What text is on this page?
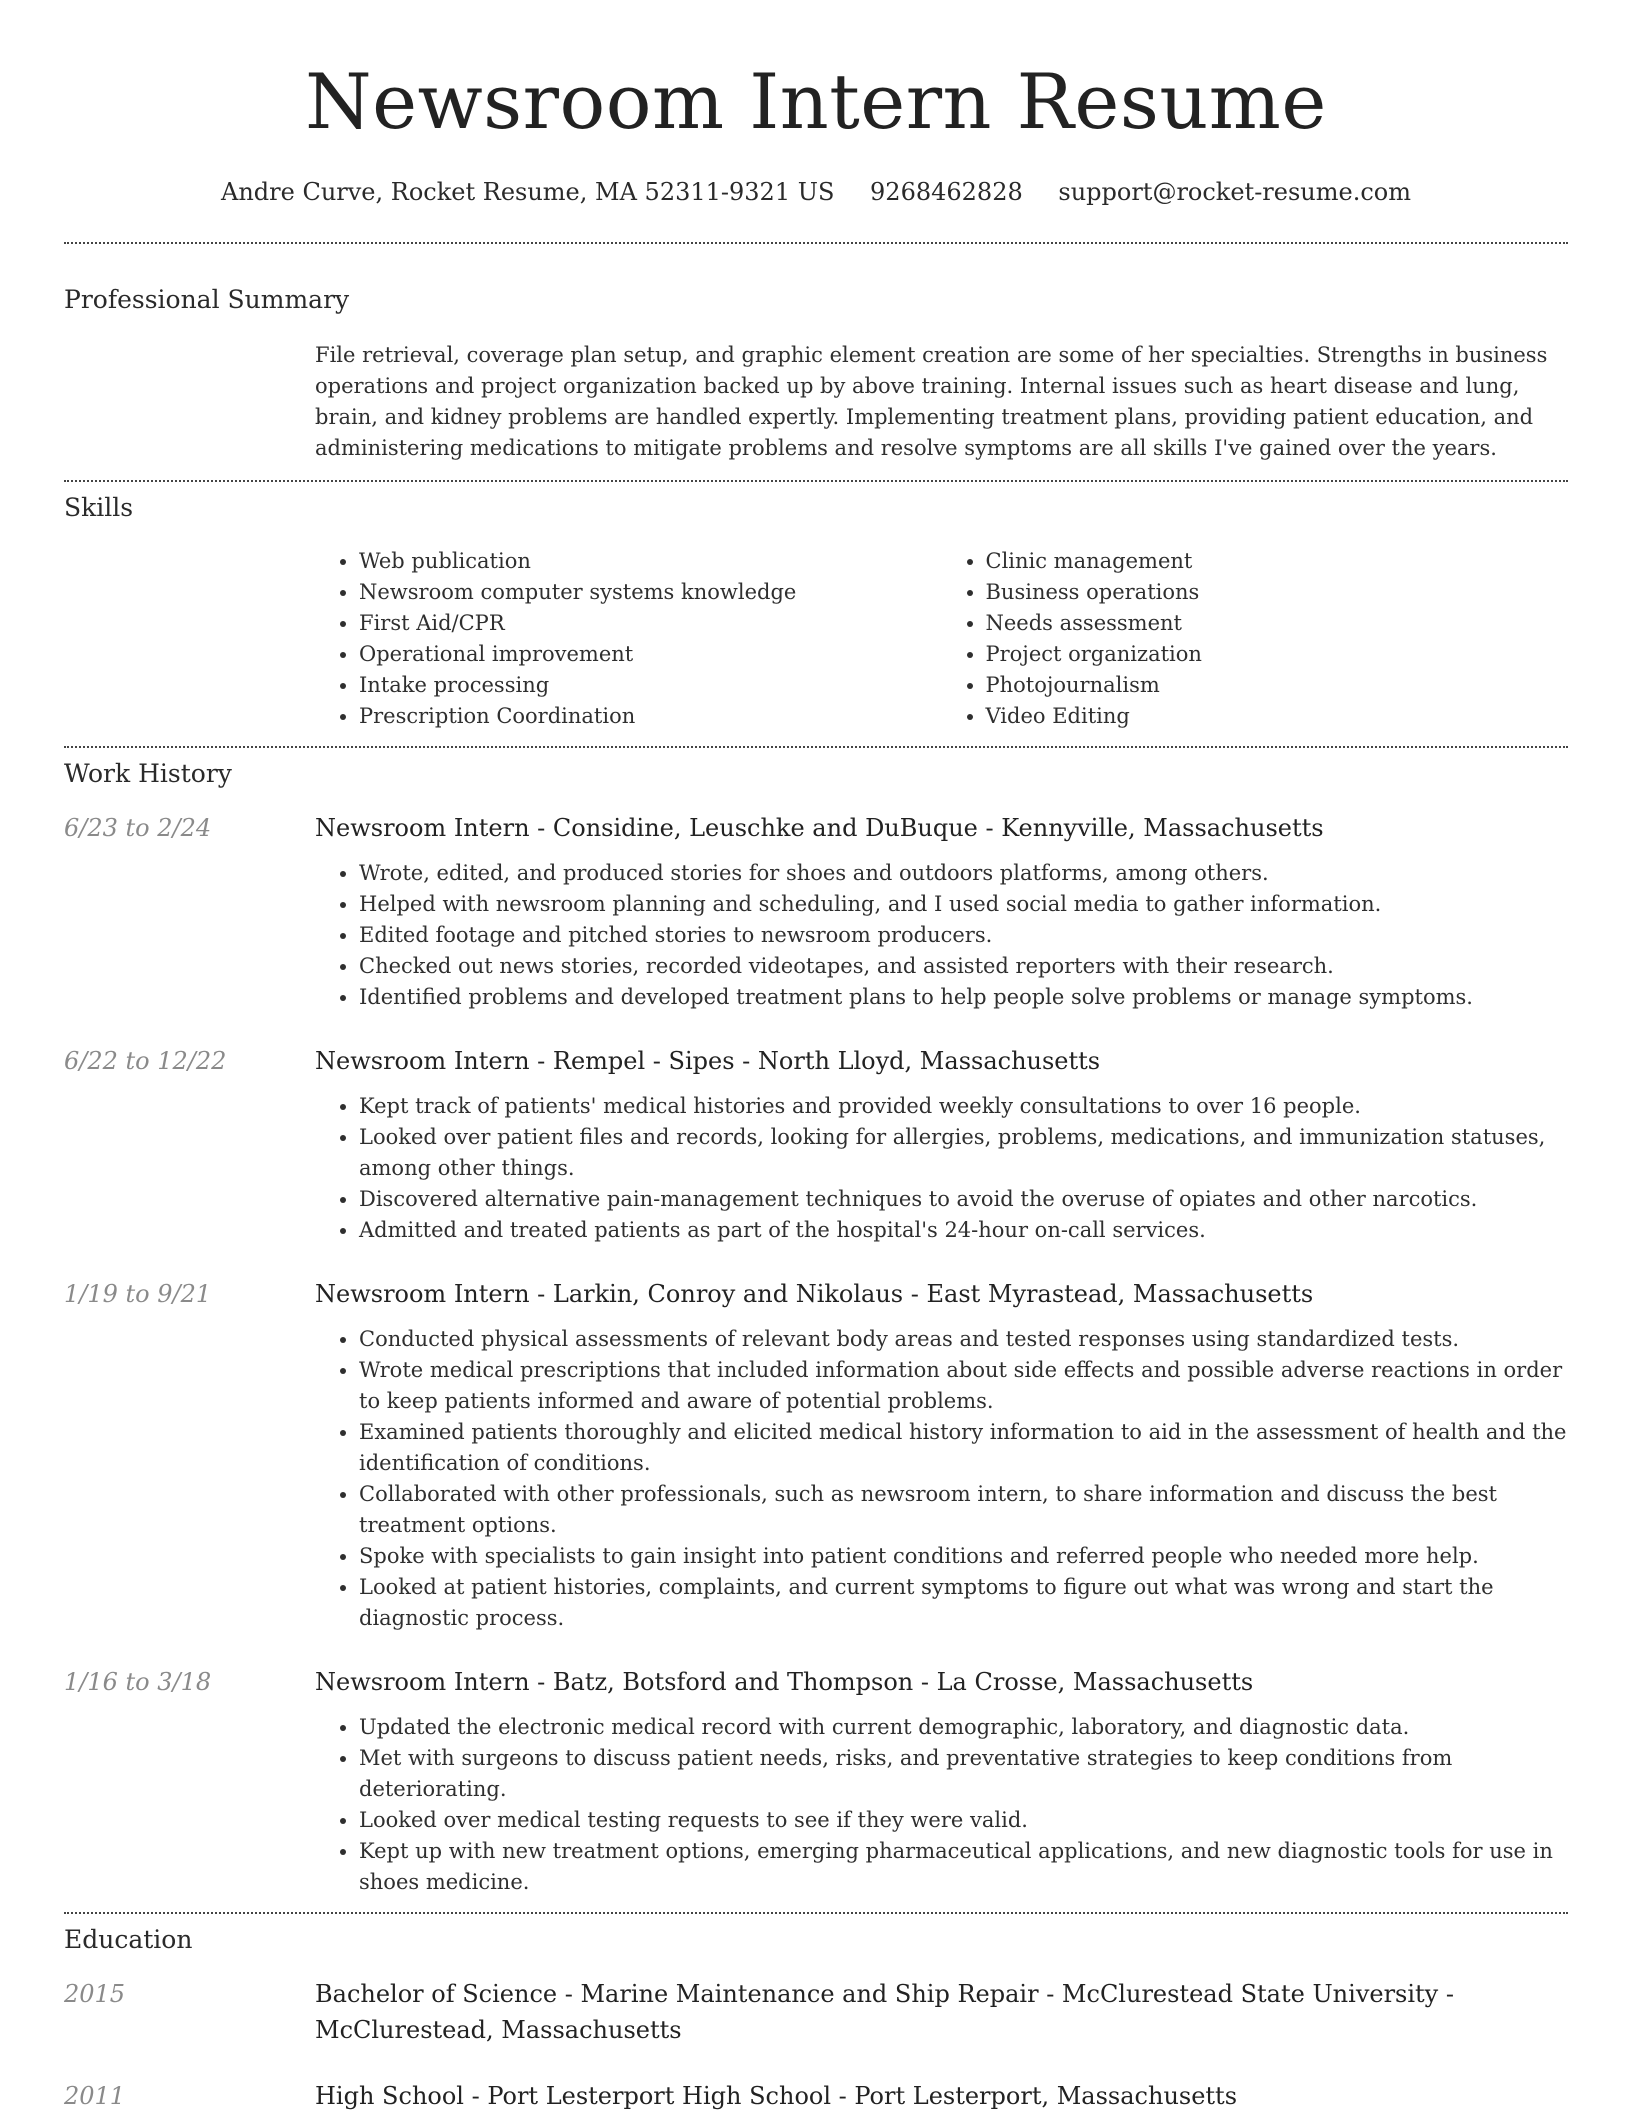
Newsroom Intern Resume
Andre Curve, Rocket Resume, MA 52311-9321 US 9268462828 support@rocket-resume.com
Professional Summary

File retrieval, coverage plan setup, and graphic element creation are some of her specialties. Strengths in business operations and project organization backed up by above training. Internal issues such as heart disease and lung, brain, and kidney problems are handled expertly. Implementing treatment plans, providing patient education, and administering medications to mitigate problems and resolve symptoms are all skills I've gained over the years.

Skills
• Web publication
• Newsroom computer systems knowledge
• First Aid/CPR
• Operational improvement
• Intake processing
• Prescription Coordination
• Clinic management
• Business operations
• Needs assessment
• Project organization
• Photojournalism
• Video Editing
Work History
6/23 to 2/24	Newsroom Intern - Considine, Leuschke and DuBuque - Kennyville, Massachusetts
• Wrote, edited, and produced stories for shoes and outdoors platforms, among others.
• Helped with newsroom planning and scheduling, and I used social media to gather information.
• Edited footage and pitched stories to newsroom producers.
• Checked out news stories, recorded videotapes, and assisted reporters with their research.
• Identified problems and developed treatment plans to help people solve problems or manage symptoms.
6/22 to 12/22	Newsroom Intern - Rempel - Sipes - North Lloyd, Massachusetts
• Kept track of patients' medical histories and provided weekly consultations to over 16 people.
• Looked over patient files and records, looking for allergies, problems, medications, and immunization statuses, among other things.
• Discovered alternative pain-management techniques to avoid the overuse of opiates and other narcotics.
• Admitted and treated patients as part of the hospital's 24-hour on-call services.
1/19 to 9/21	Newsroom Intern - Larkin, Conroy and Nikolaus - East Myrastead, Massachusetts
• Conducted physical assessments of relevant body areas and tested responses using standardized tests.
• Wrote medical prescriptions that included information about side effects and possible adverse reactions in order to keep patients informed and aware of potential problems.
• Examined patients thoroughly and elicited medical history information to aid in the assessment of health and the identification of conditions.
• Collaborated with other professionals, such as newsroom intern, to share information and discuss the best treatment options.
• Spoke with specialists to gain insight into patient conditions and referred people who needed more help.
• Looked at patient histories, complaints, and current symptoms to figure out what was wrong and start the diagnostic process.
1/16 to 3/18	Newsroom Intern - Batz, Botsford and Thompson - La Crosse, Massachusetts
• Updated the electronic medical record with current demographic, laboratory, and diagnostic data.
• Met with surgeons to discuss patient needs, risks, and preventative strategies to keep conditions from deteriorating.
• Looked over medical testing requests to see if they were valid.
• Kept up with new treatment options, emerging pharmaceutical applications, and new diagnostic tools for use in shoes medicine.
Education
2015	Bachelor of Science - Marine Maintenance and Ship Repair - McClurestead State University - McClurestead, Massachusetts
2011	High School - Port Lesterport High School - Port Lesterport, Massachusetts
